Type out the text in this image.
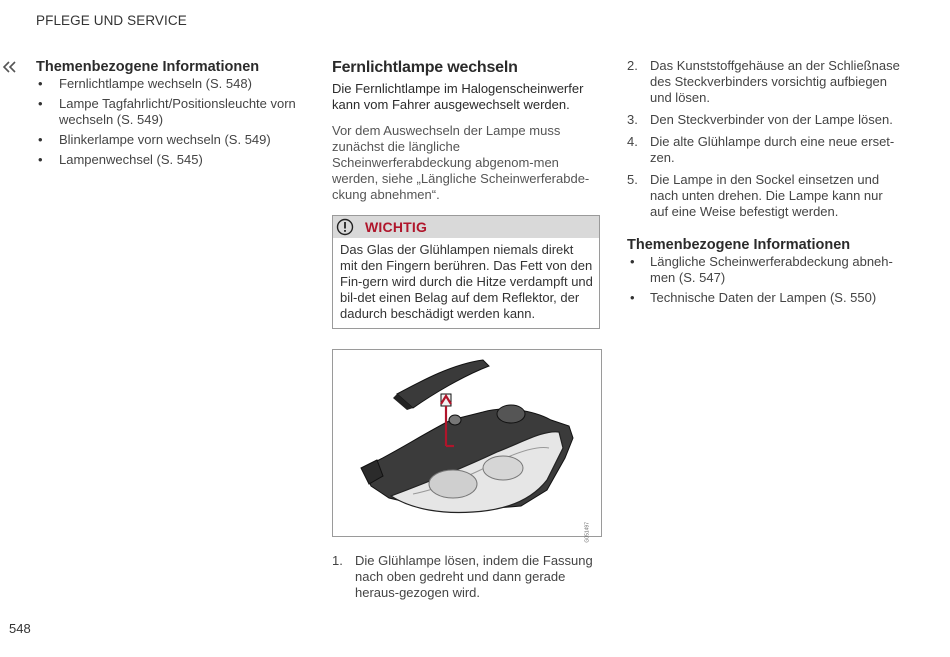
PFLEGE UND SERVICE
Themenbezogene Informationen
• Fernlichtlampe wechseln (S. 548)
• Lampe Tagfahrlicht/Positionsleuchte vorn wechseln (S. 549)
• Blinkerlampe vorn wechseln (S. 549)
• Lampenwechsel (S. 545)
Fernlichtlampe wechseln

Die Fernlichtlampe im Halogenscheinwerfer kann vom Fahrer ausgewechselt werden.

Vor dem Auswechseln der Lampe muss zunächst die längliche Scheinwerferabdeckung abgenom-men werden, siehe „Längliche Scheinwerferabde-ckung abnehmen“.

WICHTIG

Das Glas der Glühlampen niemals direkt mit den Fingern berühren. Das Fett von den Fin-gern wird durch die Hitze verdampft und bil-det einen Belag auf dem Reflektor, der dadurch beschädigt werden kann.

G051497
1. Die Glühlampe lösen, indem die Fassung nach oben gedreht und dann gerade heraus-gezogen wird.
2. Das Kunststoffgehäuse an der Schließnase des Steckverbinders vorsichtig aufbiegen und lösen.
3. Den Steckverbinder von der Lampe lösen.
4. Die alte Glühlampe durch eine neue erset-zen.
5. Die Lampe in den Sockel einsetzen und nach unten drehen. Die Lampe kann nur auf eine Weise befestigt werden.
Themenbezogene Informationen
• Längliche Scheinwerferabdeckung abneh-men (S. 547)
• Technische Daten der Lampen (S. 550)
548
